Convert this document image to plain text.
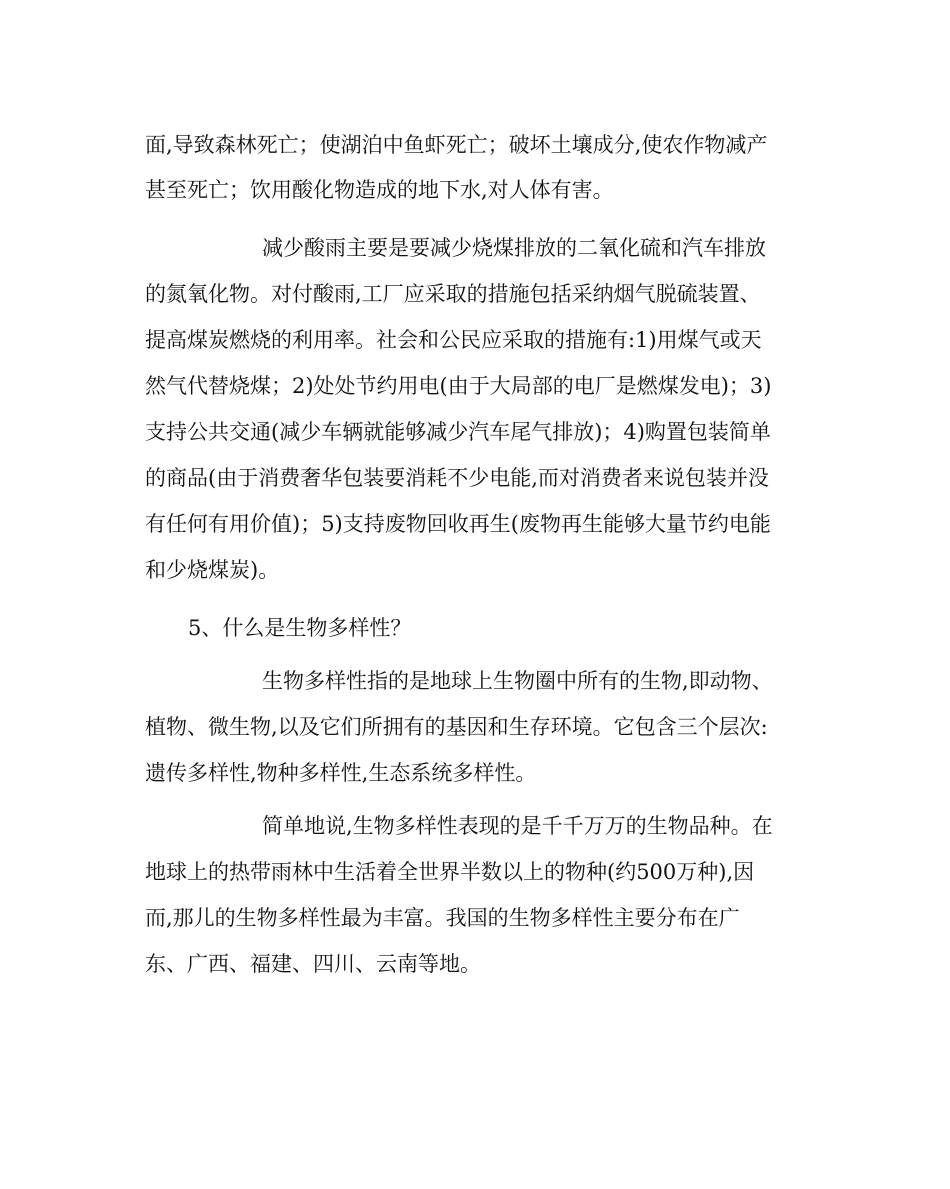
面,导致森林死亡；使湖泊中鱼虾死亡；破坏土壤成分,使农作物减产
甚至死亡；饮用酸化物造成的地下水,对人体有害。
减少酸雨主要是要减少烧煤排放的二氧化硫和汽车排放
的氮氧化物。对付酸雨,工厂应采取的措施包括采纳烟气脱硫装置、
提高煤炭燃烧的利用率。社会和公民应采取的措施有:1)用煤气或天
然气代替烧煤；2)处处节约用电(由于大局部的电厂是燃煤发电)；3)
支持公共交通(减少车辆就能够减少汽车尾气排放)；4)购置包装简单
的商品(由于消费奢华包装要消耗不少电能,而对消费者来说包装并没
有任何有用价值)；5)支持废物回收再生(废物再生能够大量节约电能
和少烧煤炭)。
5、什么是生物多样性？
生物多样性指的是地球上生物圈中所有的生物,即动物、
植物、微生物,以及它们所拥有的基因和生存环境。它包含三个层次:
遗传多样性,物种多样性,生态系统多样性。
简单地说,生物多样性表现的是千千万万的生物品种。在
地球上的热带雨林中生活着全世界半数以上的物种(约500万种),因
而,那儿的生物多样性最为丰富。我国的生物多样性主要分布在广
东、广西、福建、四川、云南等地。
